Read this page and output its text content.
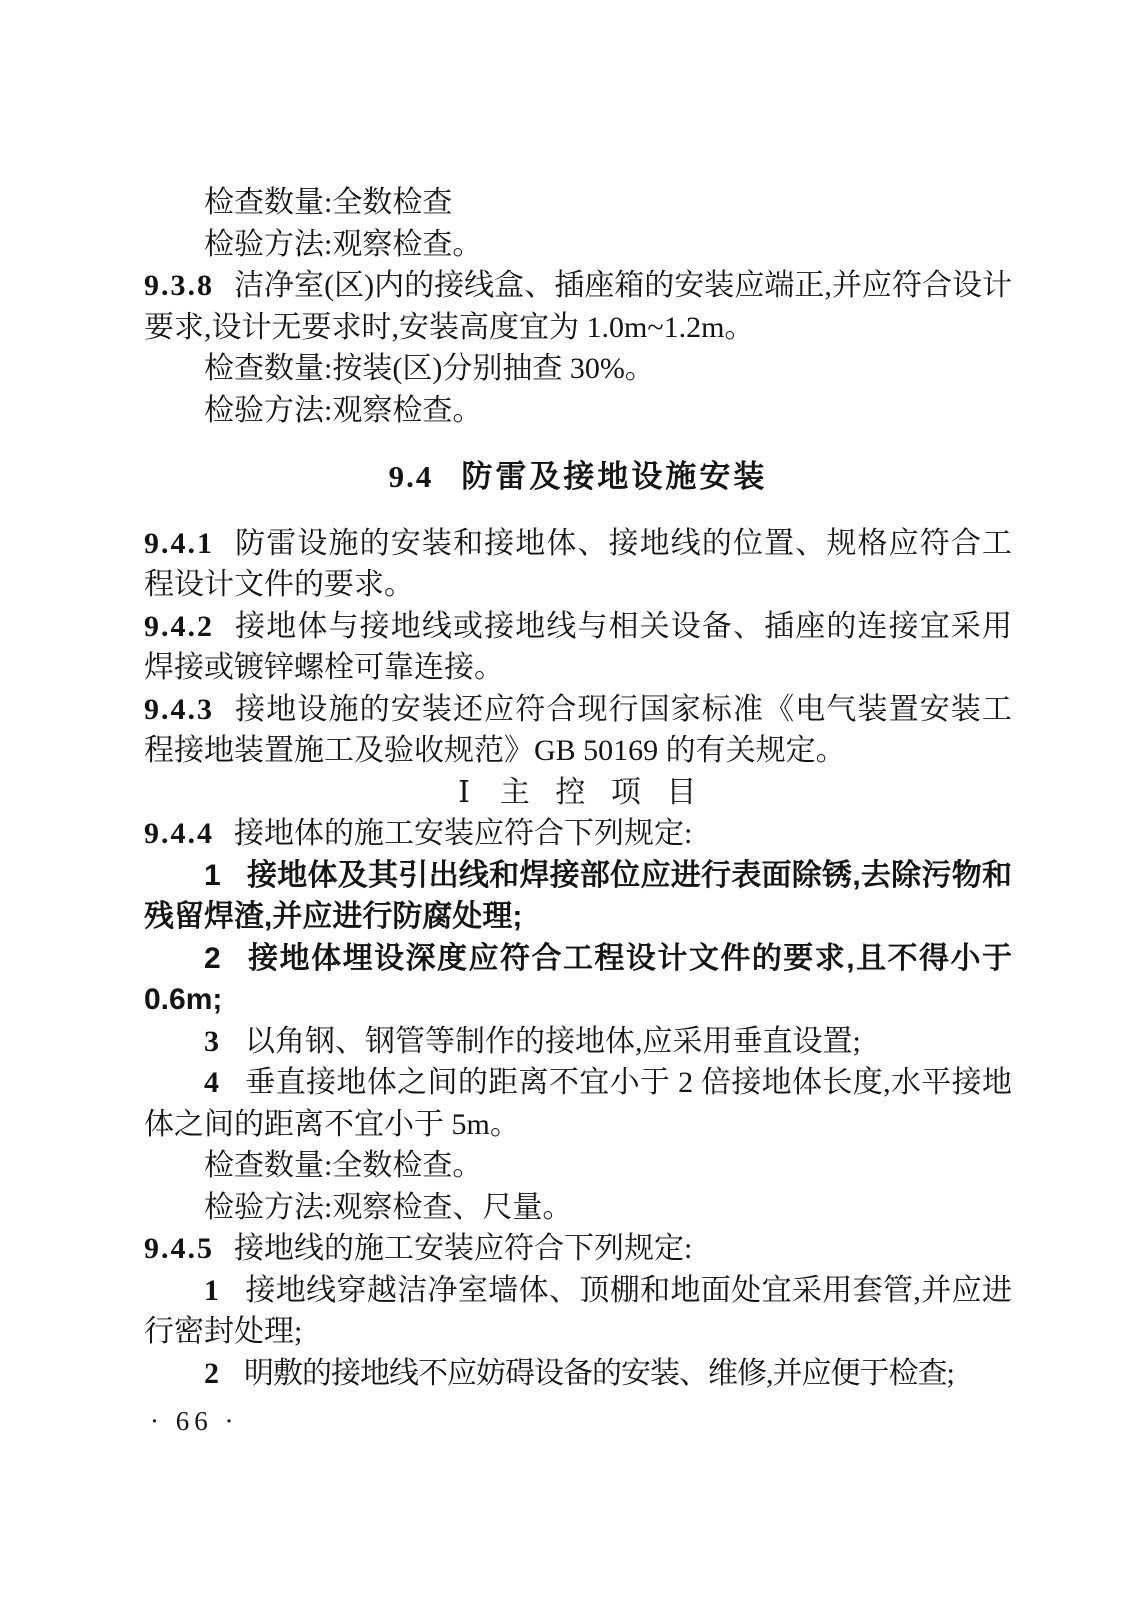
检查数量:全数检查

检验方法:观察检查。

9.3.8 洁净室(区)内的接线盒、插座箱的安装应端正,并应符合设计要求,设计无要求时,安装高度宜为 1.0m~1.2m。

检查数量:按装(区)分别抽查 30%。

检验方法:观察检查。

9.4 防雷及接地设施安装

9.4.1 防雷设施的安装和接地体、接地线的位置、规格应符合工程设计文件的要求。

9.4.2 接地体与接地线或接地线与相关设备、插座的连接宜采用焊接或镀锌螺栓可靠连接。

9.4.3 接地设施的安装还应符合现行国家标准《电气装置安装工程接地装置施工及验收规范》GB 50169 的有关规定。

Ⅰ 主控项目

9.4.4 接地体的施工安装应符合下列规定:

1 接地体及其引出线和焊接部位应进行表面除锈,去除污物和残留焊渣,并应进行防腐处理;

2 接地体埋设深度应符合工程设计文件的要求,且不得小于 0.6m;

3 以角钢、钢管等制作的接地体,应采用垂直设置;

4 垂直接地体之间的距离不宜小于 2 倍接地体长度,水平接地体之间的距离不宜小于 5m。

检查数量:全数检查。

检验方法:观察检查、尺量。

9.4.5 接地线的施工安装应符合下列规定:

1 接地线穿越洁净室墙体、顶棚和地面处宜采用套管,并应进行密封处理;

2 明敷的接地线不应妨碍设备的安装、维修,并应便于检查;

· 66 ·
